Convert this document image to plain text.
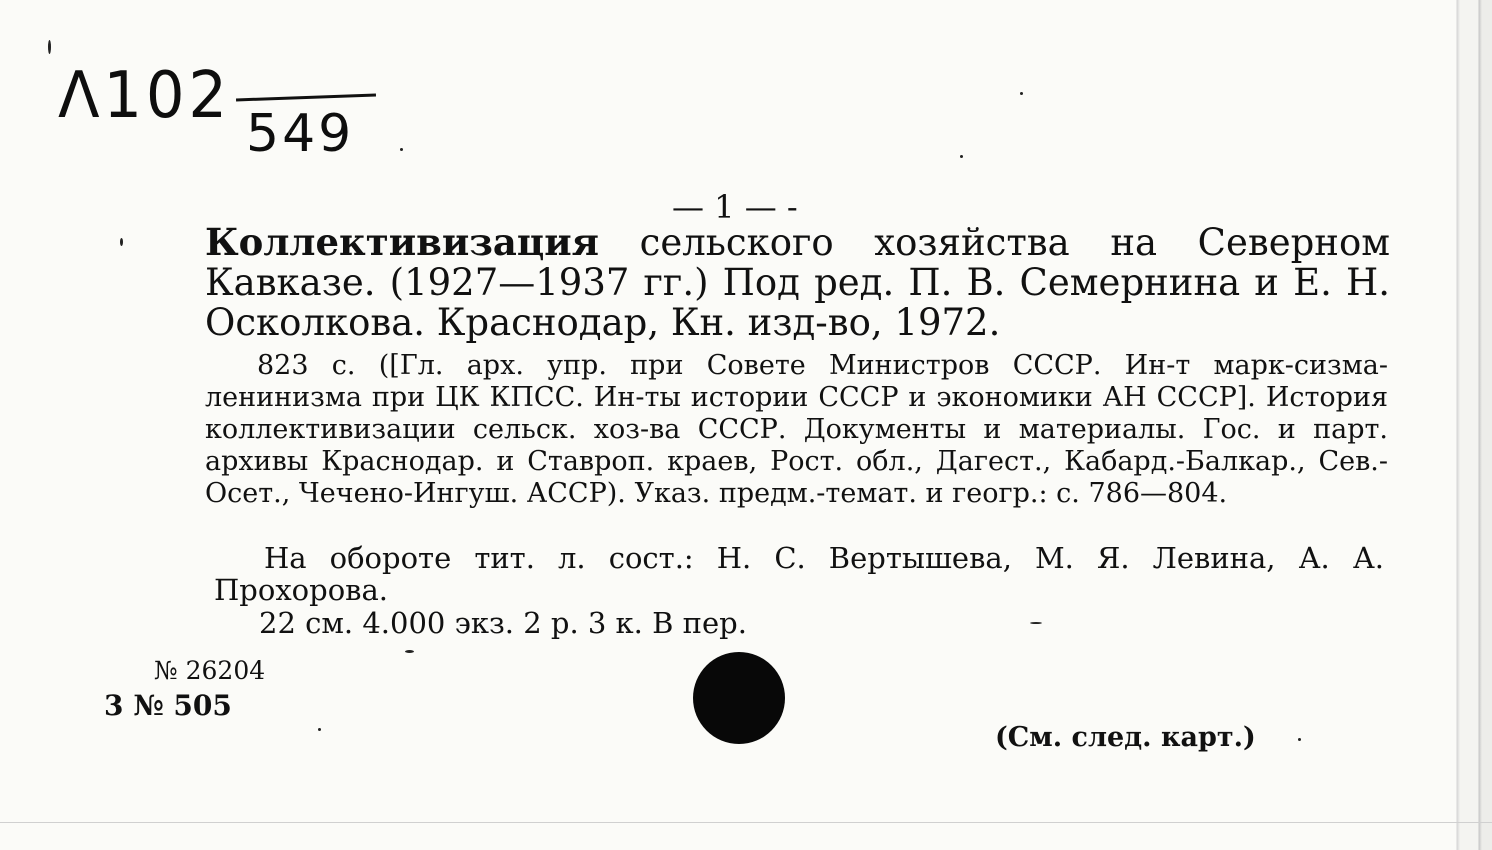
Λ102
549
— 1 — -
Коллективизация сельского хозяйства на Северном Кавказе. (1927—1937 гг.) Под ред. П. В. Семернина и Е. Н. Осколкова. Краснодар, Кн. изд-во, 1972.

823 с. ([Гл. арх. упр. при Совете Министров СССР. Ин-т марк-сизма-ленинизма при ЦК КПСС. Ин-ты истории СССР и экономики АН СССР]. История коллективизации сельск. хоз-ва СССР. Документы и материалы. Гос. и парт. архивы Краснодар. и Ставроп. краев, Рост. обл., Дагест., Кабард.-Балкар., Сев.-Осет., Чечено-Ингуш. АССР). Указ. предм.-темат. и геогр.: с. 786—804.

На обороте тит. л. сост.: Н. С. Вертышева, М. Я. Левина, А. А. Прохорова.
22 см. 4.000 экз. 2 р. 3 к. В пер.
№ 26204
3 № 505
(См. след. карт.)
